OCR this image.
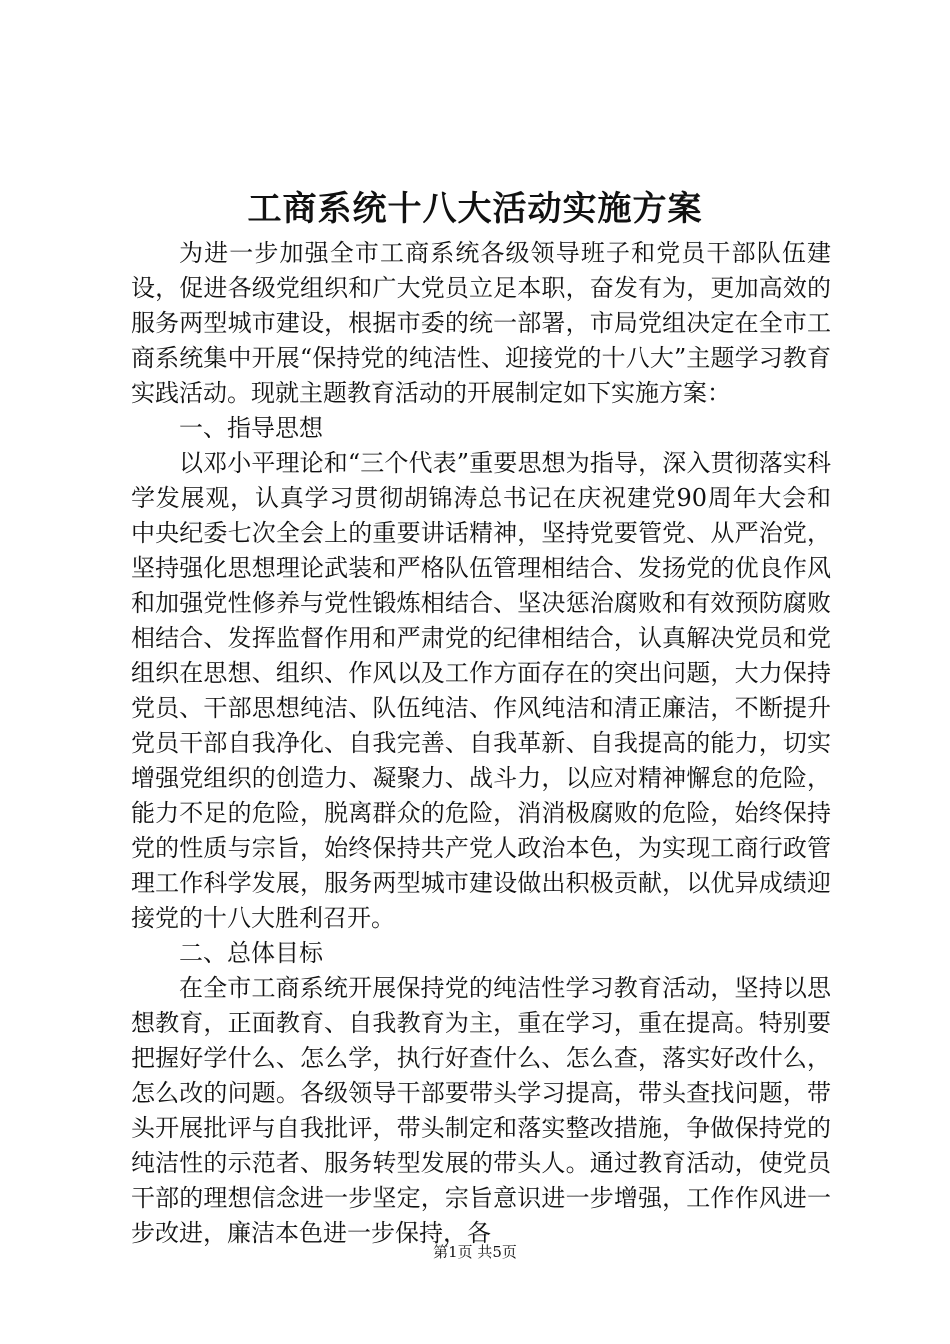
工商系统十八大活动实施方案

为进一步加强全市工商系统各级领导班子和党员干部队伍建设，促进各级党组织和广大党员立足本职，奋发有为，更加高效的服务两型城市建设，根据市委的统一部署，市局党组决定在全市工商系统集中开展“保持党的纯洁性、迎接党的十八大”主题学习教育实践活动。现就主题教育活动的开展制定如下实施方案：

一、指导思想

以邓小平理论和“三个代表”重要思想为指导，深入贯彻落实科学发展观，认真学习贯彻胡锦涛总书记在庆祝建党90周年大会和中央纪委七次全会上的重要讲话精神，坚持党要管党、从严治党，坚持强化思想理论武装和严格队伍管理相结合、发扬党的优良作风和加强党性修养与党性锻炼相结合、坚决惩治腐败和有效预防腐败相结合、发挥监督作用和严肃党的纪律相结合，认真解决党员和党组织在思想、组织、作风以及工作方面存在的突出问题，大力保持党员、干部思想纯洁、队伍纯洁、作风纯洁和清正廉洁，不断提升党员干部自我净化、自我完善、自我革新、自我提高的能力，切实增强党组织的创造力、凝聚力、战斗力，以应对精神懈怠的危险，能力不足的危险，脱离群众的危险，消消极腐败的危险，始终保持党的性质与宗旨，始终保持共产党人政治本色，为实现工商行政管理工作科学发展，服务两型城市建设做出积极贡献，以优异成绩迎接党的十八大胜利召开。

二、总体目标

在全市工商系统开展保持党的纯洁性学习教育活动，坚持以思想教育，正面教育、自我教育为主，重在学习，重在提高。特别要把握好学什么、怎么学，执行好查什么、怎么查，落实好改什么，怎么改的问题。各级领导干部要带头学习提高，带头查找问题，带头开展批评与自我批评，带头制定和落实整改措施，争做保持党的纯洁性的示范者、服务转型发展的带头人。通过教育活动，使党员干部的理想信念进一步坚定，宗旨意识进一步增强，工作作风进一步改进，廉洁本色进一步保持，各

第1页 共5页
